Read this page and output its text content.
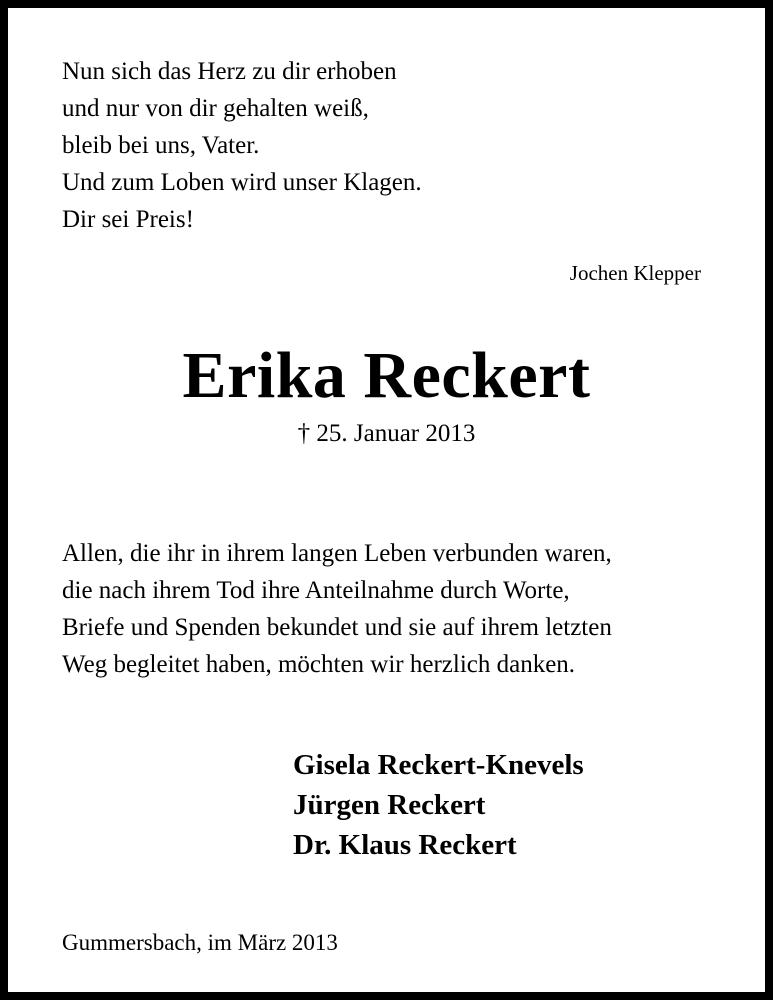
Nun sich das Herz zu dir erhoben
und nur von dir gehalten weiß,
bleib bei uns, Vater.
Und zum Loben wird unser Klagen.
Dir sei Preis!
Jochen Klepper
Erika Reckert
† 25. Januar 2013
Allen, die ihr in ihrem langen Leben verbunden waren,
die nach ihrem Tod ihre Anteilnahme durch Worte,
Briefe und Spenden bekundet und sie auf ihrem letzten
Weg begleitet haben, möchten wir herzlich danken.
Gisela Reckert-Knevels
Jürgen Reckert
Dr. Klaus Reckert
Gummersbach, im März 2013
